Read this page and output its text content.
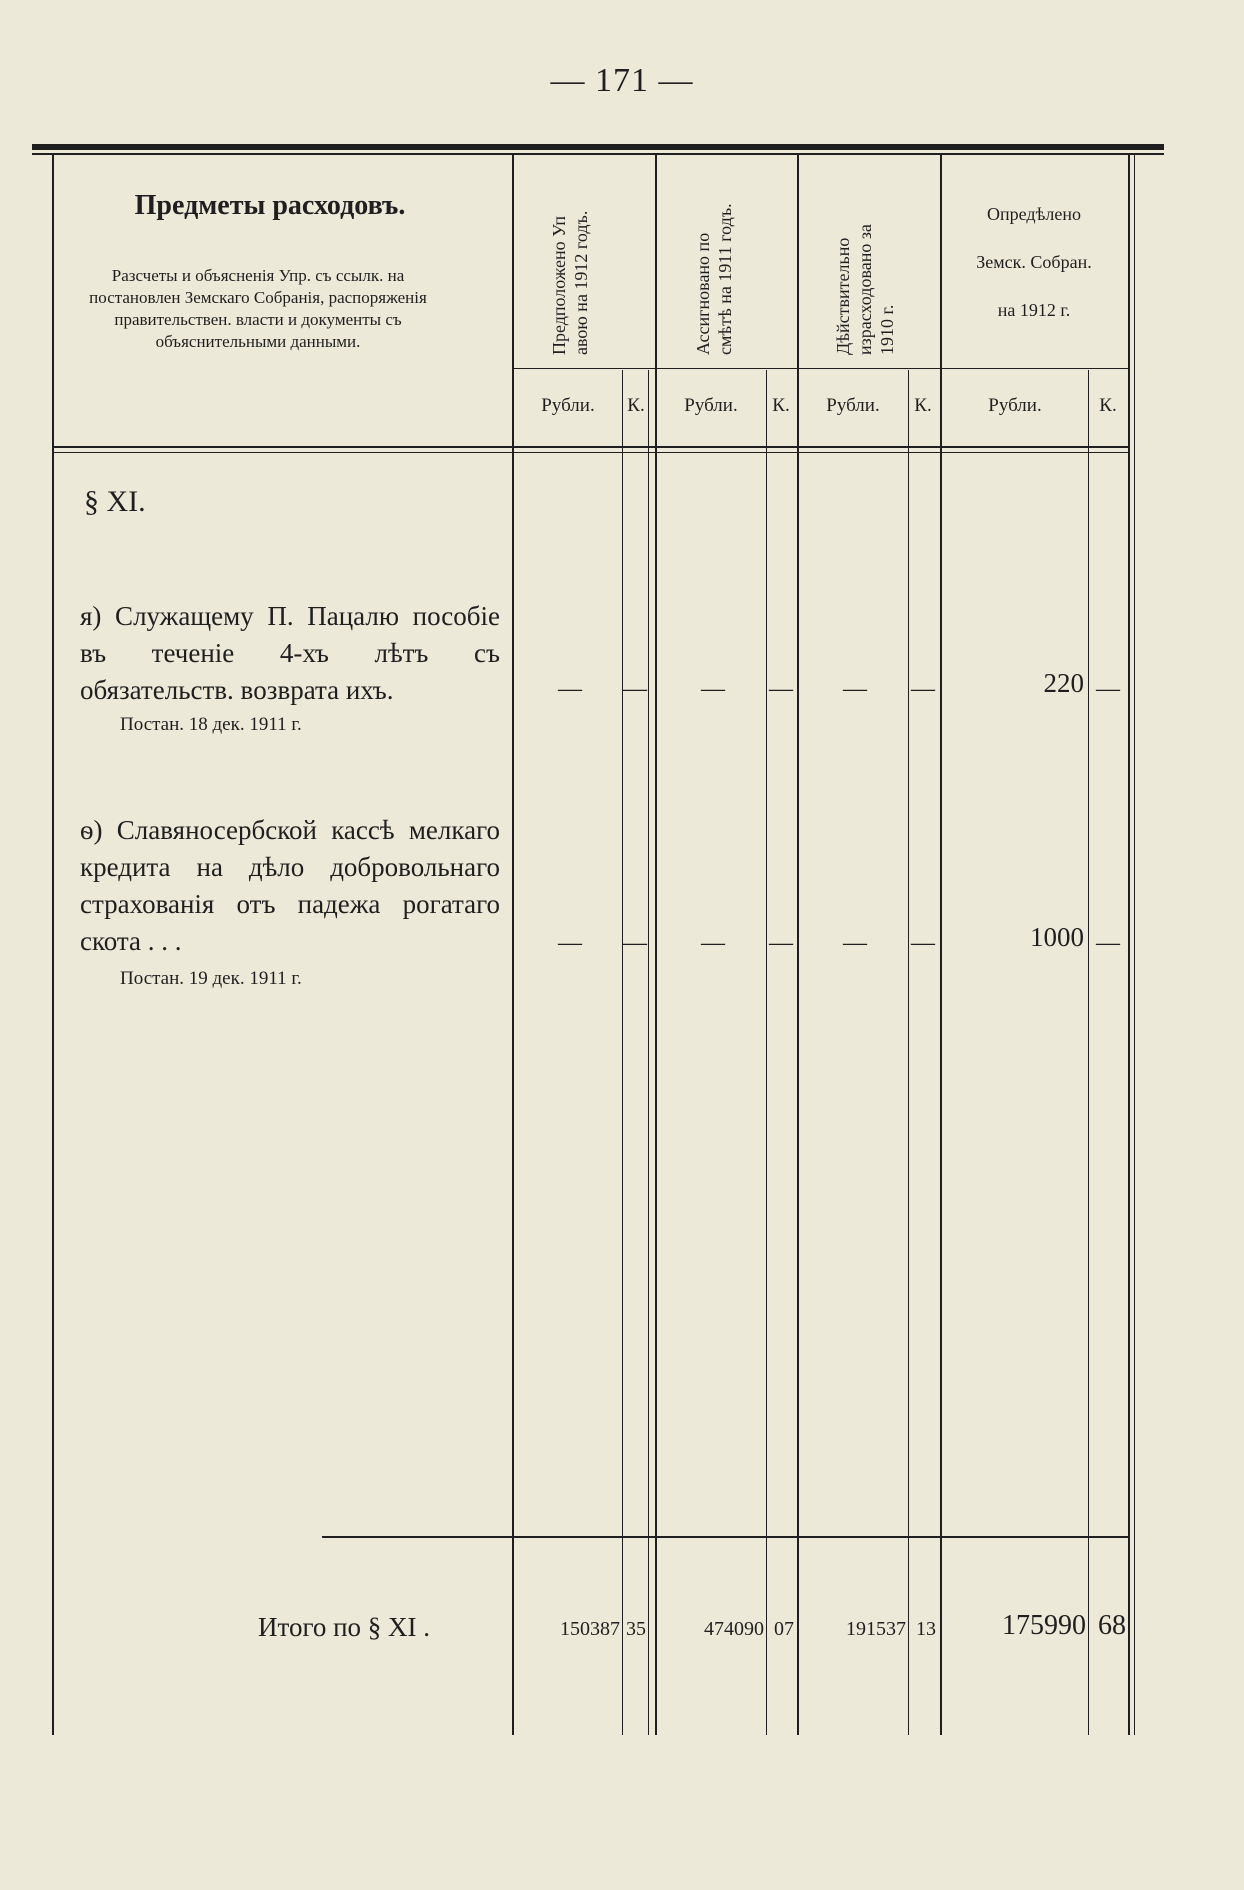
— 171 —
Предметы расходовъ.
Разсчеты и объясненія Упр. съ ссылк. на постановлен Земскаго Собранія, распоряженія правительствен. власти и документы съ объяснительными данными.	Предположено Уп авою на 1912 годъ.	Ассигновано по смѣтѣ на 1911 годъ.	Дѣйствительно израсходовано за 1910 г.
Опредѣлено
Земск. Собран.
на 1912 г.
Рубли.	К.	Рубли.	К.	Рубли.	К.	Рубли.	К.
§ XI.
я) Служащему П. Пацалю пособіе въ теченіе 4-хъ лѣтъ съ обязательств. вoзврата ихъ.
Постан. 18 дек. 1911 г.
—	—	—	—	—	—	220 —
ѳ) Славяносербской кассѣ мелкаго кредита на дѣло добровольнаго страхованія отъ падежа рогатаго скота . . .
Постан. 19 дек. 1911 г.
—	—	—	—	—	—	1000 —
Итого по § XI .	150387 35	474090 07	191537 13	175990 68
